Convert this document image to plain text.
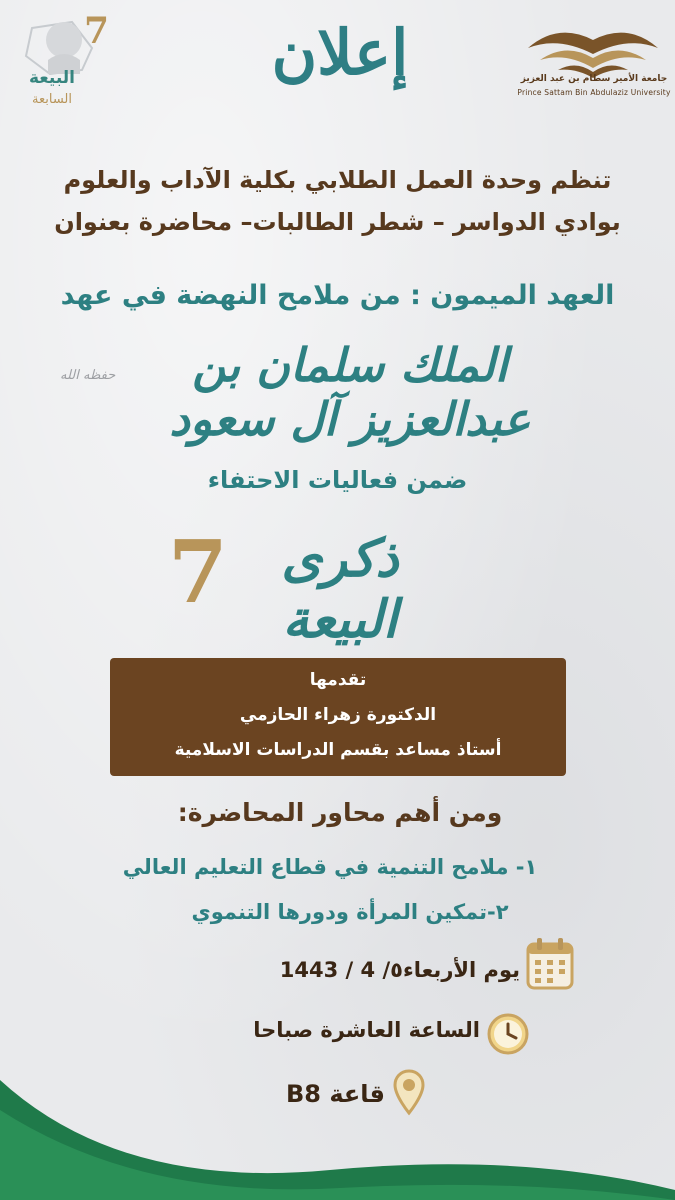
جامعة الأمير سطام بن عبد العزيز
Prince Sattam Bin Abdulaziz University
إعلان
7
البيعة
السابعة
تنظم وحدة العمل الطلابي بكلية الآداب والعلوم
بوادي الدواسر – شطر الطالبات– محاضرة بعنوان
العهد الميمون : من ملامح النهضة في عهد
الملك سلمان بن عبدالعزيز آل سعود
حفظه الله
ضمن فعاليات الاحتفاء
ذكرى البيعة
7
تقدمها
الدكتورة زهراء الحازمي
أستاذ مساعد بقسم الدراسات الاسلامية
ومن أهم محاور المحاضرة:
١- ملامح التنمية في قطاع التعليم العالي
٢-تمكين المرأة ودورها التنموي
يوم الأربعاء٥/ 4 / 1443
الساعة العاشرة صباحا
قاعة B8
